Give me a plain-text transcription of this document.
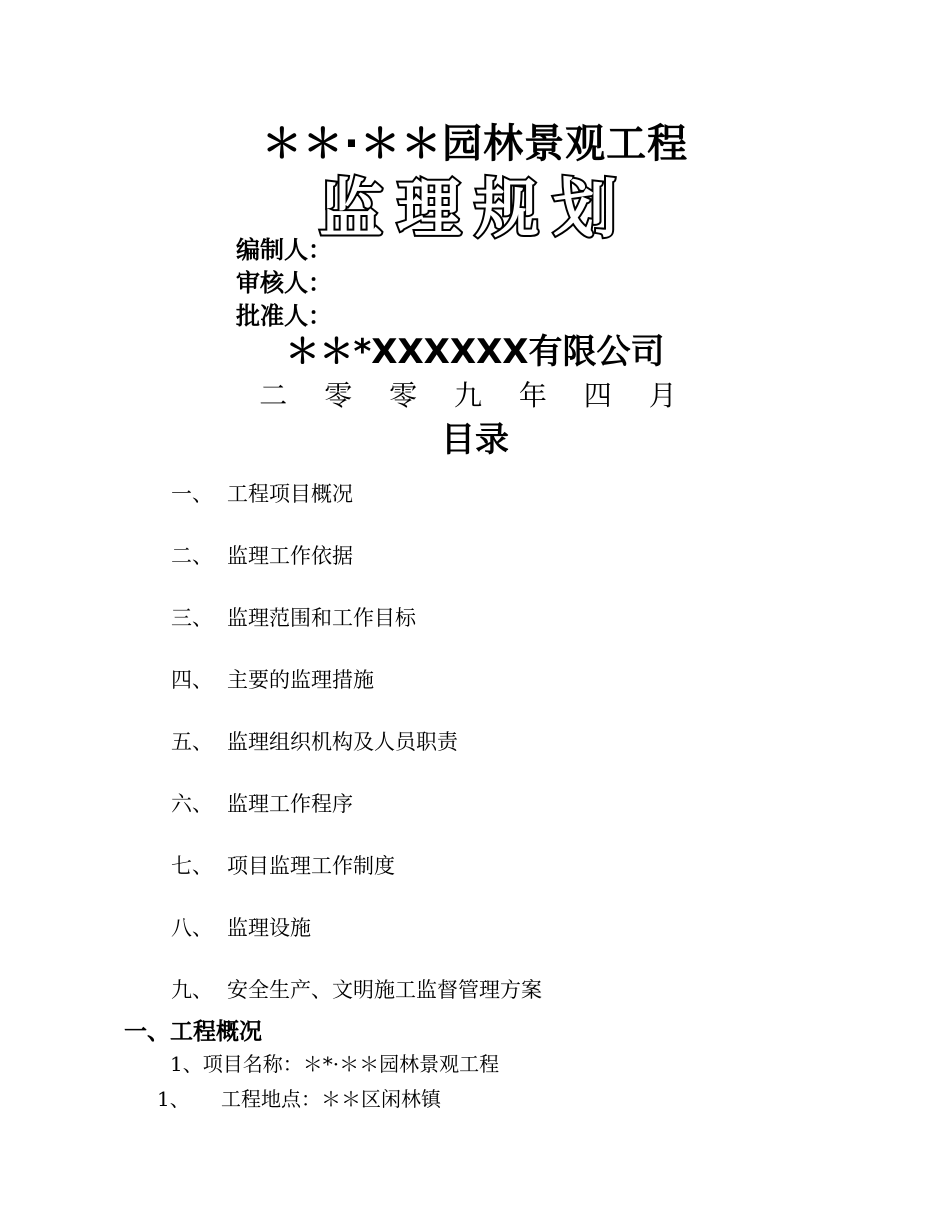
＊＊·＊＊园林景观工程
监理规划
编制人：
审核人：
批准人：
＊＊*XXXXXX有限公司
二 零 零 九 年 四 月
目录
一、 工程项目概况
二、 监理工作依据
三、 监理范围和工作目标
四、 主要的监理措施
五、 监理组织机构及人员职责
六、 监理工作程序
七、 项目监理工作制度
八、 监理设施
九、 安全生产、文明施工监督管理方案
一、工程概况
1、项目名称：＊*·＊＊园林景观工程
1、 工程地点：＊＊区闲林镇
